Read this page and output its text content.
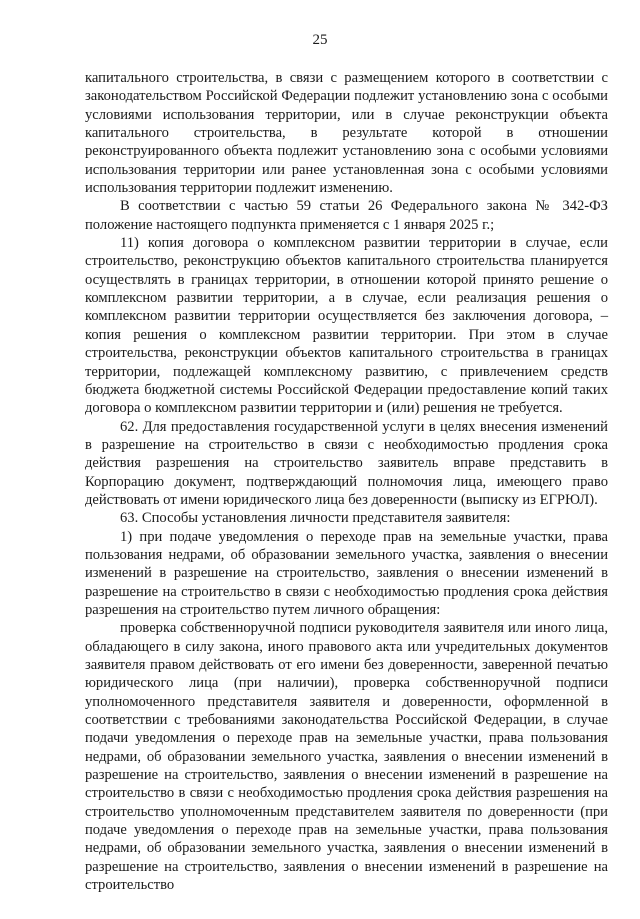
25

капитального строительства, в связи с размещением которого в соответствии с законодательством Российской Федерации подлежит установлению зона с особыми условиями использования территории, или в случае реконструкции объекта капитального строительства, в результате которой в отношении реконструированного объекта подлежит установлению зона с особыми условиями использования территории или ранее установленная зона с особыми условиями использования территории подлежит изменению.

В соответствии с частью 59 статьи 26 Федерального закона № 342-ФЗ положение настоящего подпункта применяется с 1 января 2025 г.;

11) копия договора о комплексном развитии территории в случае, если строительство, реконструкцию объектов капитального строительства планируется осуществлять в границах территории, в отношении которой принято решение о комплексном развитии территории, а в случае, если реализация решения о комплексном развитии территории осуществляется без заключения договора, – копия решения о комплексном развитии территории. При этом в случае строительства, реконструкции объектов капитального строительства в границах территории, подлежащей комплексному развитию, с привлечением средств бюджета бюджетной системы Российской Федерации предоставление копий таких договора о комплексном развитии территории и (или) решения не требуется.

62. Для предоставления государственной услуги в целях внесения изменений в разрешение на строительство в связи с необходимостью продления срока действия разрешения на строительство заявитель вправе представить в Корпорацию документ, подтверждающий полномочия лица, имеющего право действовать от имени юридического лица без доверенности (выписку из ЕГРЮЛ).

63. Способы установления личности представителя заявителя:

1) при подаче уведомления о переходе прав на земельные участки, права пользования недрами, об образовании земельного участка, заявления о внесении изменений в разрешение на строительство, заявления о внесении изменений в разрешение на строительство в связи с необходимостью продления срока действия разрешения на строительство путем личного обращения:

проверка собственноручной подписи руководителя заявителя или иного лица, обладающего в силу закона, иного правового акта или учредительных документов заявителя правом действовать от его имени без доверенности, заверенной печатью юридического лица (при наличии), проверка собственноручной подписи уполномоченного представителя заявителя и доверенности, оформленной в соответствии с требованиями законодательства Российской Федерации, в случае подачи уведомления о переходе прав на земельные участки, права пользования недрами, об образовании земельного участка, заявления о внесении изменений в разрешение на строительство, заявления о внесении изменений в разрешение на строительство в связи с необходимостью продления срока действия разрешения на строительство уполномоченным представителем заявителя по доверенности (при подаче уведомления о переходе прав на земельные участки, права пользования недрами, об образовании земельного участка, заявления о внесении изменений в разрешение на строительство, заявления о внесении изменений в разрешение на строительство
